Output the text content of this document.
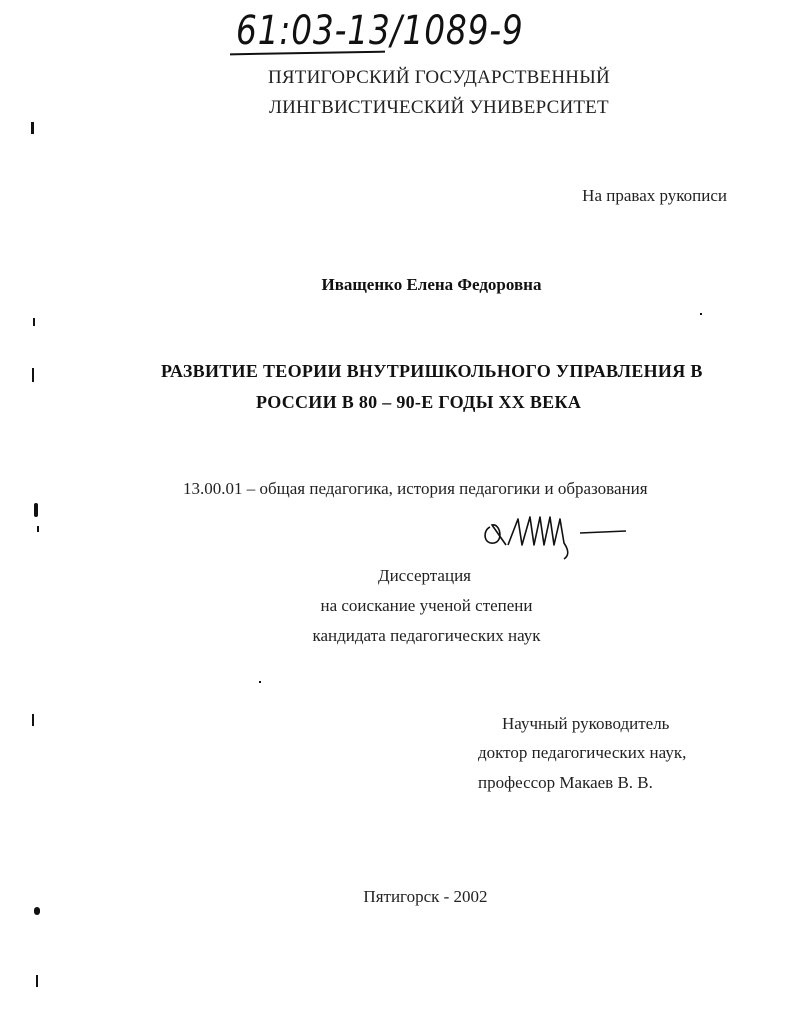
61:03-13/1089-9
ПЯТИГОРСКИЙ ГОСУДАРСТВЕННЫЙ
ЛИНГВИСТИЧЕСКИЙ УНИВЕРСИТЕТ
На правах рукописи
Иващенко Елена Федоровна
РАЗВИТИЕ ТЕОРИИ ВНУТРИШКОЛЬНОГО УПРАВЛЕНИЯ В
РОССИИ В 80 – 90-Е ГОДЫ XX ВЕКА
13.00.01 – общая педагогика, история педагогики и образования
Диссертация
на соискание ученой степени
кандидата педагогических наук
Научный руководитель
доктор педагогических наук,
профессор Макаев В. В.
Пятигорск - 2002
